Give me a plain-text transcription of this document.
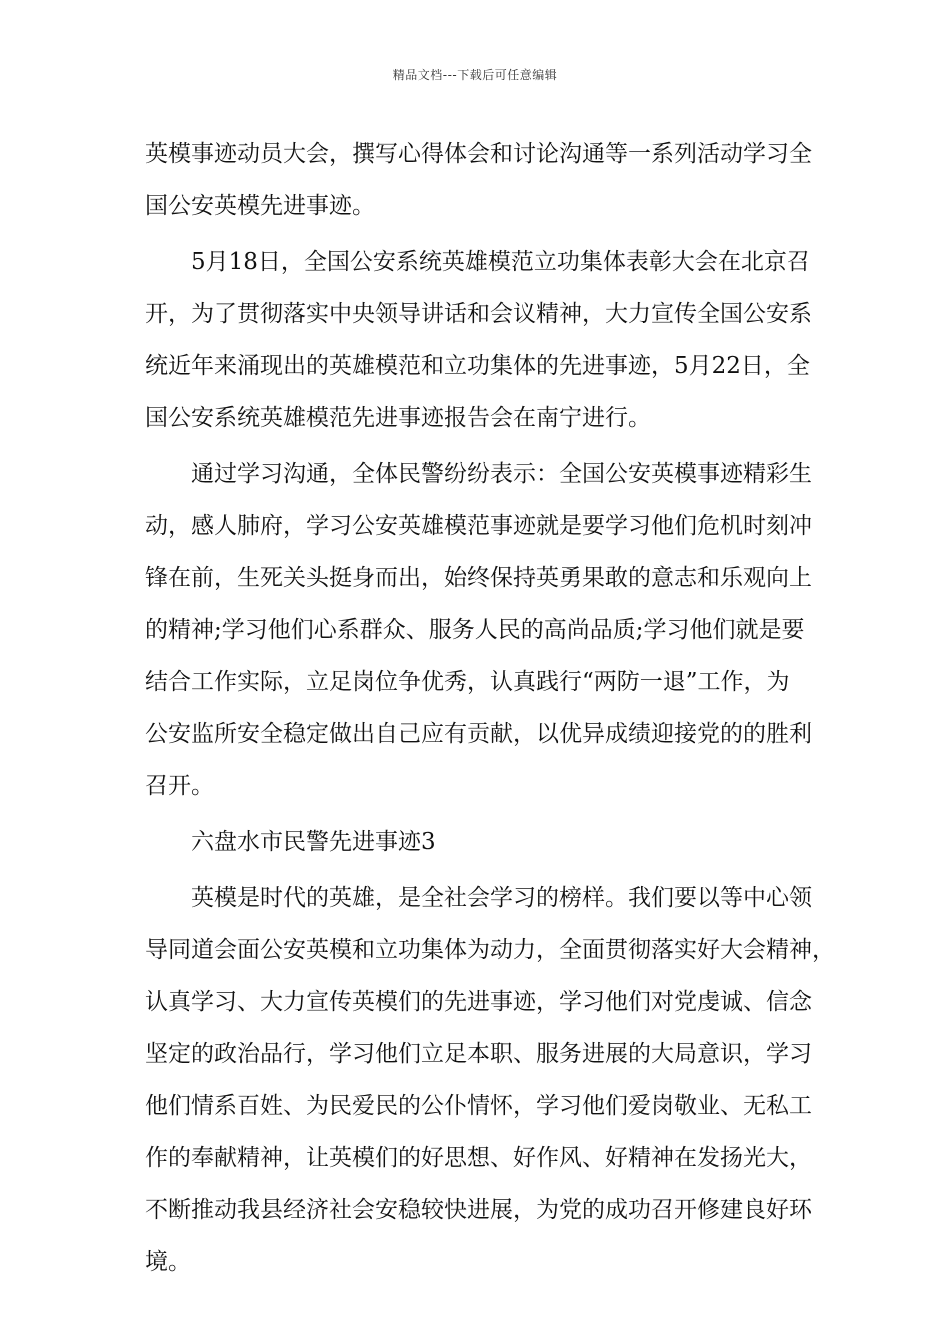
精品文档---下载后可任意编辑
英模事迹动员大会，撰写心得体会和讨论沟通等一系列活动学习全
国公安英模先进事迹。
　　5月18日，全国公安系统英雄模范立功集体表彰大会在北京召
开，为了贯彻落实中央领导讲话和会议精神，大力宣传全国公安系
统近年来涌现出的英雄模范和立功集体的先进事迹，5月22日，全
国公安系统英雄模范先进事迹报告会在南宁进行。
　　通过学习沟通，全体民警纷纷表示：全国公安英模事迹精彩生
动，感人肺府，学习公安英雄模范事迹就是要学习他们危机时刻冲
锋在前，生死关头挺身而出，始终保持英勇果敢的意志和乐观向上
的精神;学习他们心系群众、服务人民的高尚品质;学习他们就是要
结合工作实际，立足岗位争优秀，认真践行“两防一退”工作，为
公安监所安全稳定做出自己应有贡献，以优异成绩迎接党的的胜利
召开。
　　六盘水市民警先进事迹3
　　英模是时代的英雄，是全社会学习的榜样。我们要以等中心领
导同道会面公安英模和立功集体为动力，全面贯彻落实好大会精神，
认真学习、大力宣传英模们的先进事迹，学习他们对党虔诚、信念
坚定的政治品行，学习他们立足本职、服务进展的大局意识，学习
他们情系百姓、为民爱民的公仆情怀，学习他们爱岗敬业、无私工
作的奉献精神，让英模们的好思想、好作风、好精神在发扬光大，
不断推动我县经济社会安稳较快进展，为党的成功召开修建良好环
境。
